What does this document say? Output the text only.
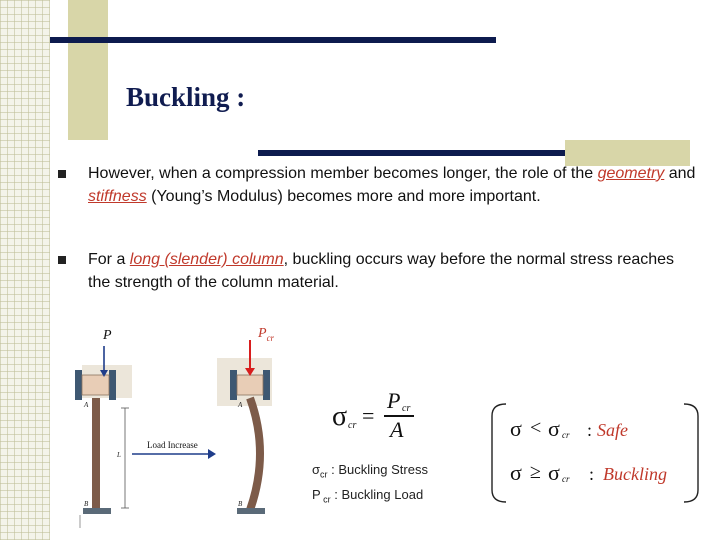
Buckling :
However, when a compression member becomes longer, the role of the geometry and stiffness (Young’s Modulus) becomes more and more important.
For a long (slender) column, buckling occurs way before the normal stress reaches the strength of the column material.
A
B
L
Load Increase
A
B
P	$P_{cr}$
σ cr =
P cr
A
$\sigma_{cr}$ : Buckling Stress
P $_{cr}$ : Buckling Load
σ < σ cr : Safe
σ ≥ σ cr : Buckling
